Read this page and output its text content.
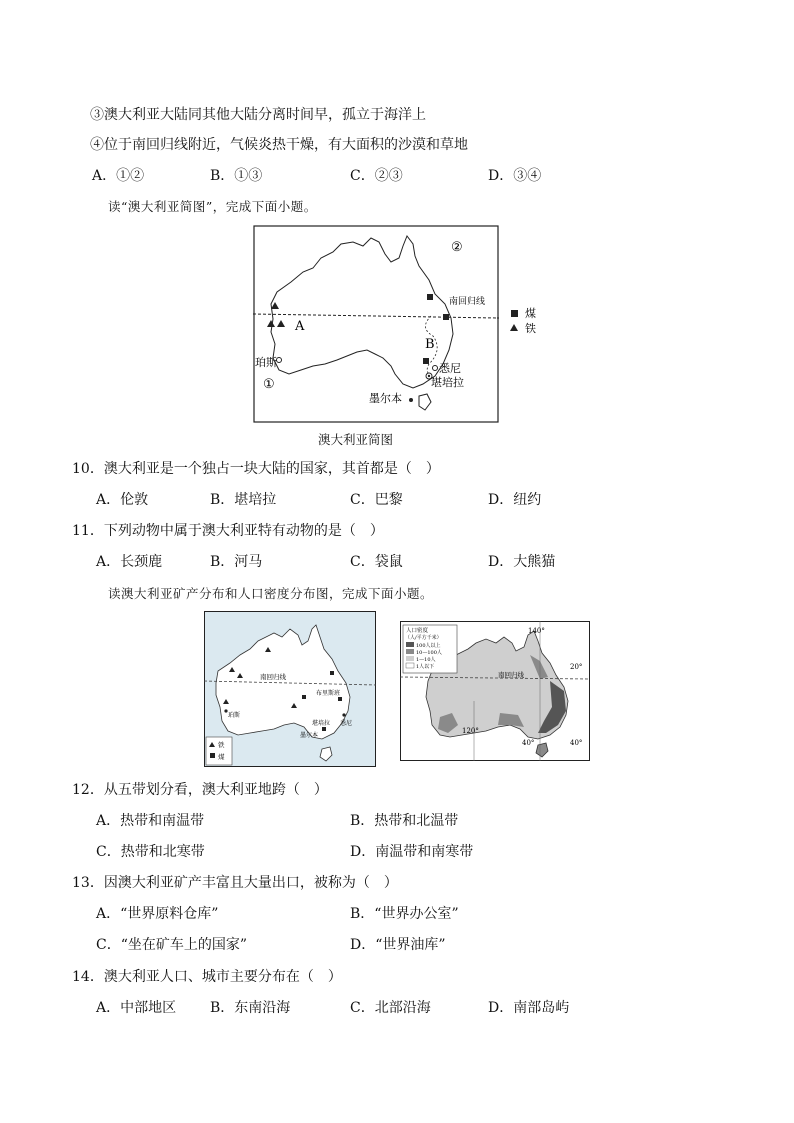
③澳大利亚大陆同其他大陆分离时间早，孤立于海洋上
④位于南回归线附近，气候炎热干燥，有大面积的沙漠和草地
A．①②	B．①③	C．②③	D．③④
读“澳大利亚简图”，完成下面小题。
南回归线
②
①
A
B
珀斯	悉尼
堪培拉
墨尔本
煤
铁
澳大利亚简图
10．澳大利亚是一个独占一块大陆的国家，其首都是（　）
A．伦敦	B．堪培拉	C．巴黎	D．纽约
11．下列动物中属于澳大利亚特有动物的是（　）
A．长颈鹿	B．河马	C．袋鼠	D．大熊猫
读澳大利亚矿产分布和人口密度分布图，完成下面小题。
南回归线
珀斯
布里斯班
悉尼
堪培拉
墨尔本
铁
煤
南回归线
140°
120°
20°
40°	40°
人口密度
（人/平方千米）
100人以上
10—100人
1—10人
1人以下
12．从五带划分看，澳大利亚地跨（　）
A．热带和南温带	B．热带和北温带
C．热带和北寒带	D．南温带和南寒带
13．因澳大利亚矿产丰富且大量出口，被称为（　）
A．“世界原料仓库”	B．“世界办公室”
C．“坐在矿车上的国家”	D．“世界油库”
14．澳大利亚人口、城市主要分布在（　）
A．中部地区 B．东南沿海	C．北部沿海	D．南部岛屿
